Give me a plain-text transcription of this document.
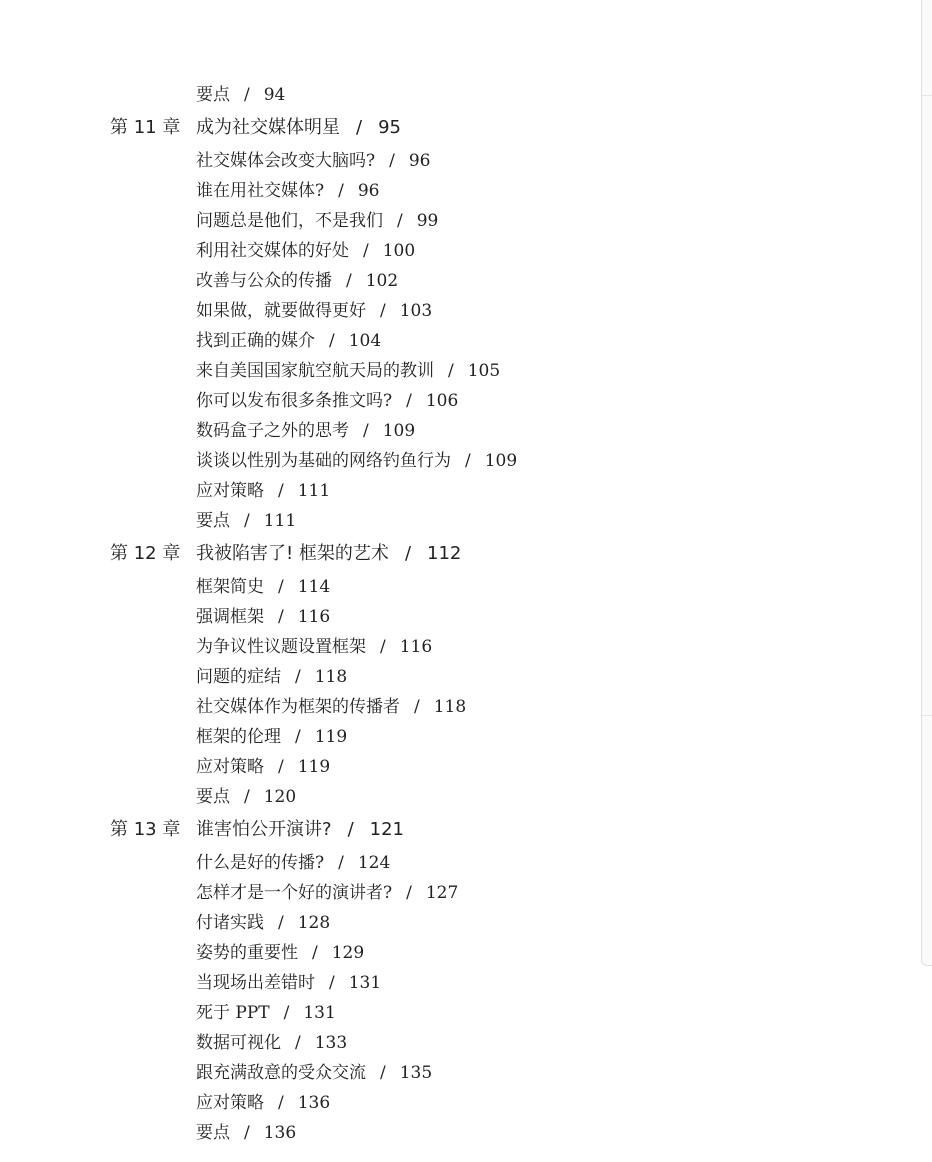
要点 / 94
第 11 章 成为社交媒体明星 / 95
社交媒体会改变大脑吗? / 96
谁在用社交媒体? / 96
问题总是他们，不是我们 / 99
利用社交媒体的好处 / 100
改善与公众的传播 / 102
如果做，就要做得更好 / 103
找到正确的媒介 / 104
来自美国国家航空航天局的教训 / 105
你可以发布很多条推文吗? / 106
数码盒子之外的思考 / 109
谈谈以性别为基础的网络钓鱼行为 / 109
应对策略 / 111
要点 / 111
第 12 章 我被陷害了! 框架的艺术 / 112
框架简史 / 114
强调框架 / 116
为争议性议题设置框架 / 116
问题的症结 / 118
社交媒体作为框架的传播者 / 118
框架的伦理 / 119
应对策略 / 119
要点 / 120
第 13 章 谁害怕公开演讲? / 121
什么是好的传播? / 124
怎样才是一个好的演讲者? / 127
付诸实践 / 128
姿势的重要性 / 129
当现场出差错时 / 131
死于 PPT / 131
数据可视化 / 133
跟充满敌意的受众交流 / 135
应对策略 / 136
要点 / 136
